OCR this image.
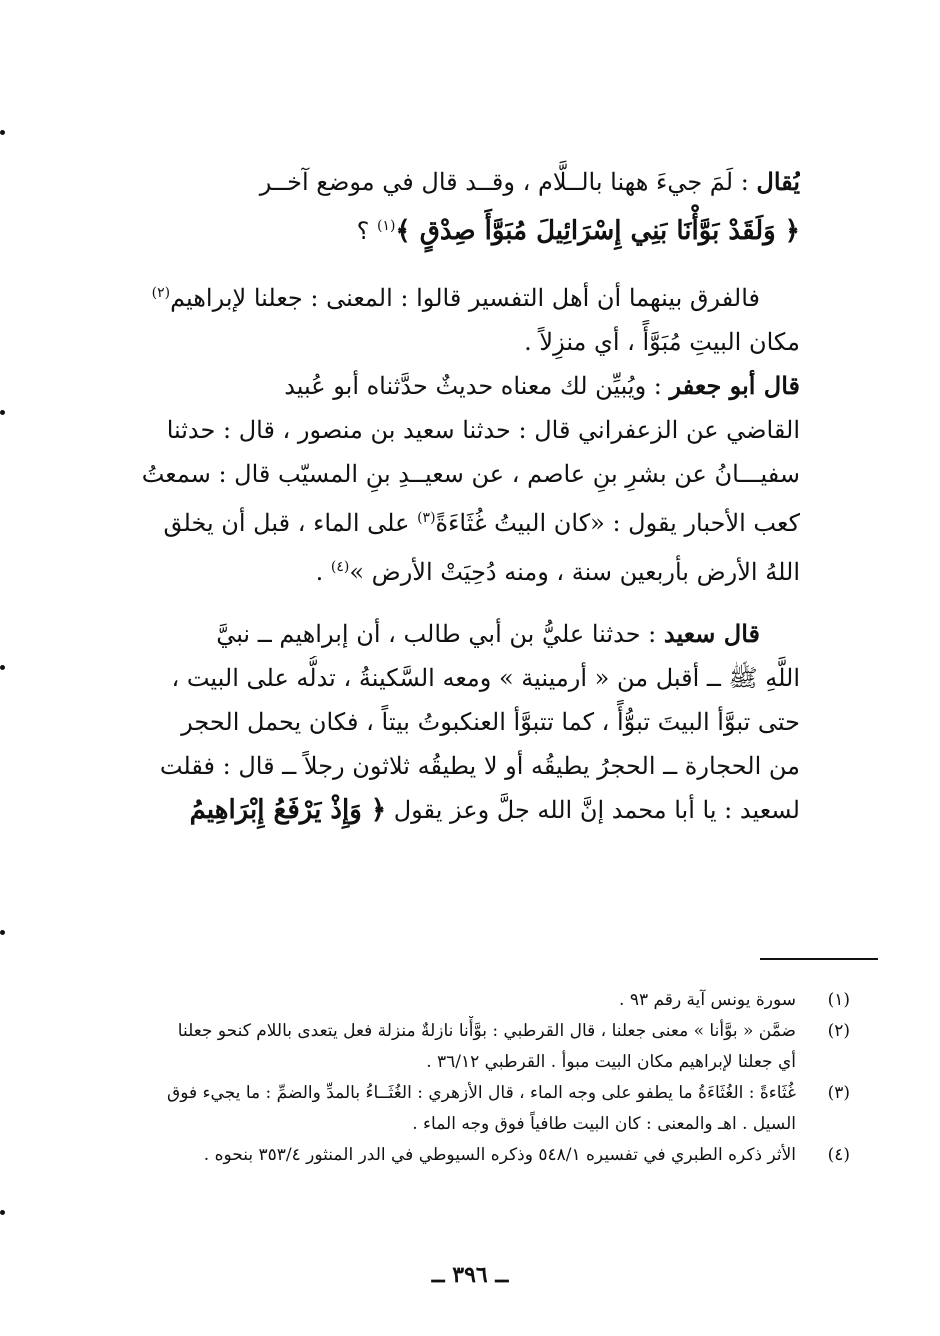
يُقال : لَمَ جيءَ ههنا بالــلَّام ، وقــد قال في موضع آخــر
﴿ وَلَقَدْ بَوَّأْنَا بَنِي إِسْرَائِيلَ مُبَوَّأَ صِدْقٍ ﴾$^{(١)}$ ؟
فالفرق بينهما أن أهل التفسير قالوا : المعنى : جعلنا لإبراهيم$^{(٢)}$
مكان البيتِ مُبَوَّأً ، أي منزِلاً .
قال أبو جعفر : ويُبيِّن لك معناه حديثٌ حدَّثناه أبو عُبيد
القاضي عن الزعفراني قال : حدثنا سعيد بن منصور ، قال : حدثنا
سفيـــانُ عن بشرِ بنِ عاصم ، عن سعيــدِ بنِ المسيّب قال : سمعتُ
كعب الأحبار يقول : «كان البيتُ غُثَاءَةً$^{(٣)}$ على الماء ، قبل أن يخلق
اللهُ الأرض بأربعين سنة ، ومنه دُحِيَتْ الأرض »$^{(٤)}$ .
قال سعيد : حدثنا عليُّ بن أبي طالب ، أن إبراهيم ــ نبيَّ
اللَّهِ ﷺ ــ أقبل من « أرمينية » ومعه السَّكينةُ ، تدلُّه على البيت ،
حتى تبوَّأ البيتَ تبوُّأً ، كما تتبوَّأ العنكبوتُ بيتاً ، فكان يحمل الحجر
من الحجارة ــ الحجرُ يطيقُه أو لا يطيقُه ثلاثون رجلاً ــ قال : فقلت
لسعيد : يا أبا محمد إنَّ الله جلَّ وعز يقول ﴿ وَإِذْ يَرْفَعُ إِبْرَاهِيمُ
(١)
سورة يونس آية رقم ٩٣ .
(٢)
ضمَّن « بوَّأنا » معنى جعلنا ، قال القرطبي : بوَّأْنا نازلةٌ منزلة فعل يتعدى باللام كنحو جعلنا
أي جعلنا لإبراهيم مكان البيت مبوأ . القرطبي ٣٦/١٢ .
(٣)
غُثَاءةً : الغُثَاءَةُ ما يطفو على وجه الماء ، قال الأزهري : الغُثَــاءُ بالمدِّ والضمِّ : ما يجيء فوق
السيل . اهـ والمعنى : كان البيت طافياً فوق وجه الماء .
(٤)
الأثر ذكره الطبري في تفسيره ٥٤٨/١ وذكره السيوطي في الدر المنثور ٣٥٣/٤ بنحوه .
ــ ٣٩٦ ــ
